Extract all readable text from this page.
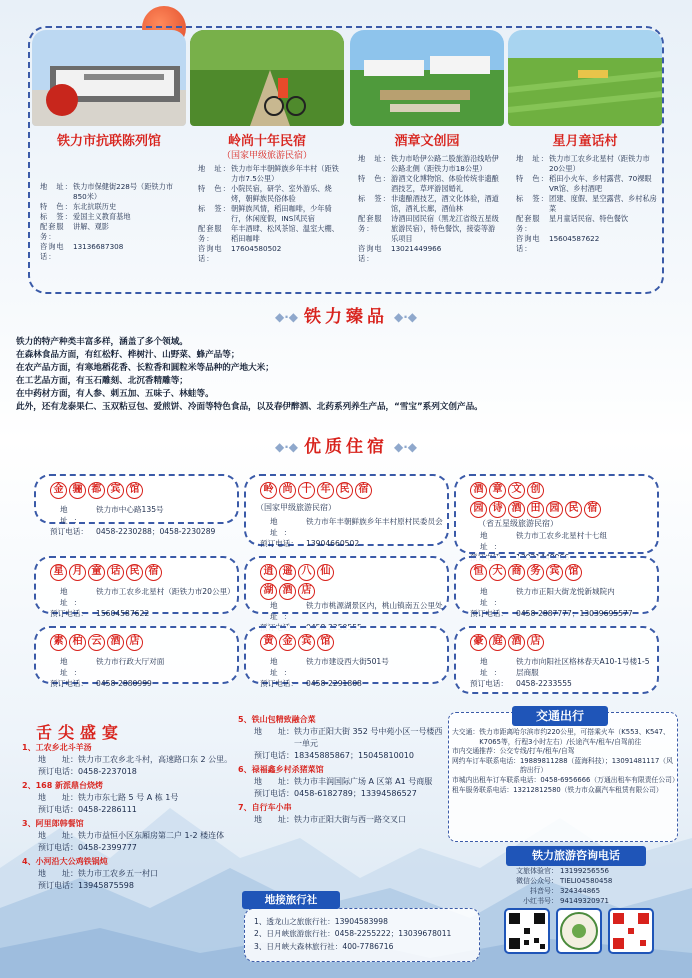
铁力市抗联陈列馆
地　址： 铁力市保健街228号（距铁力市850米）
特　色： 东北抗联历史
标　签： 爱国主义教育基地
配套服务：
讲解、观影
咨询电话：
13136687308
岭尚十年民宿
（国家甲级旅游民宿）
地　址： 铁力市年丰朝鲜族乡年丰村（距铁力市7.5公里）
特　色： 小院民宿，研学、室外游乐、烧烤，朝鲜族民俗体验
标　签： 朝鲜族风情，稻田咖啡，少年骑行，休闲度假，INS风民宿
配套服务：
年丰酒肆、松风茶馆、温室大棚、稻田咖啡
咨询电话：
17604580502
酒章文创园
地　址： 铁力市哈伊公路二股旅游沿线哈伊公路北侧（距铁力市18公里）
特　色： 游酒文化博物馆、体验传统非遗酿酒技艺，草坪游园婚礼
标　签： 非遗酿酒技艺，酒文化体验，酒道馆，酒礼长廊，酒仙林
配套服务：
诗酒田园民宿（黑龙江省级五星级旅游民宿），特色餐饮，接姿等游乐项目
咨询电话：
13021449966
星月童话村
地　址： 铁力市工农乡北星村（距铁力市20公里）
特　色： 稻田小火车、乡村露营、70裸眼VR馆、乡村酒吧
标　签： 团建、度假、星空露营、乡村私房菜
配套服务：
星月童话民宿、特色餐饮
咨询电话：
15604587622
◆·◆ 铁力臻品 ◆·◆
铁力的特产种类丰富多样，涵盖了多个领域。
在森林食品方面，有红松籽、桦树汁、山野菜、蜂产品等；
在农产品方面，有寒地稻花香、长粒香和圆粒米等品种的产地大米；
在工艺品方面，有玉石雕刻、北沉香精雕等；
在中药材方面，有人参、刺五加、五味子、林蛙等。
此外，还有龙泰果仁、玉双粘豆包、爱煎饼、冷面等特色食品，以及春伊醉酒、北药系列养生产品，“雪宝”系列文创产品。
◆·◆ 优质住宿 ◆·◆
金 骊 都 宾 馆
地　址：
铁力市中心路135号
预订电话：	0458-2230288；0458-2230289
岭 尚 十 年 民 宿
（国家甲级旅游民宿）
地　址：
铁力市年丰朝鲜族乡年丰村原村民委员会
预订电话：	13904660502
酒 章 文 创
园 诗 酒 田 园 民 宿
（省五星级旅游民宿）
地　址：
铁力市工农乡北星村十七组
星 月 童 话 民 宿
地　址：
铁力市工农乡北星村（距铁力市20公里）
预订电话：	15604587622
逍 遥 八 仙
湖 酒 店
地　址：
铁力市桃源湖景区内，桃山镇南五公里处
恒 大 商 务 宾 馆
地　址：
铁力市正阳大街龙悦新城院内
预订电话：	0458-2887777；13039695577
素 柏 云 酒 店
地　址：
铁力市行政大厅对面
预订电话：	0458-2880999
黄 金 宾 馆
地　址：
铁力市建设西大街501号
预订电话：	0458-2291808
豪 庭 酒 店
地　址：
铁力市向阳社区格林春天A10-1号楼1-5层商服
预订电话：	0458-2233555
舌尖盛宴
1、工农乡北斗羊汤
地　　址： 铁力市工农乡北斗村，高速路口东 2 公里。
预订电话： 0458-2237018
2、168 新派鼎台烧烤
地　　址： 铁力市东七路 5 号 A 栋 1号
预订电话： 0458-2286111
3、阿里郎韩餐馆
地　　址： 铁力市益恒小区东厢房第二户 1-2 楼连体
预订电话： 0458-2399777
4、小河沿大公鸡铁锅炖
地　　址： 铁力市工农乡五一村口
预订电话： 13945875598
5、铁山包精致融合菜
地　　址： 铁力市正阳大街 352 号中苑小区一号楼西一单元
预订电话： 18345885867；15045810010
6、禄福鑫乡村杀猪菜馆
地　　址： 铁力市丰润国际广场 A 区第 A1 号商服
预订电话： 0458-6182789；13394586527
7、自行车小串
地　　址： 铁力市正阳大街与西一路交叉口
地接旅行社
1、透龙山之旅旅行社：13904583998
2、日月峡旅游旅行社：0458-2255222；13039678011
3、日月峡大森林旅行社：400-7786716
交通出行
大交通： 铁力市距离哈尔滨市约220公里，可搭乘火车（K553、K547、K7065等，行程3小时左右）/长途汽车/租车/自驾前往
市内交通推荐： 公交专线/打车/租车/自驾
网约车订车联系电话： 19889811288（蓝海科技）；13091481117（风韵出行）
市城内出租车订车联系电话： 0458-6956666（万通出租车有限责任公司）
租车服务联系电话： 13212812580（铁力市众赢汽车租赁有限公司）
铁力旅游咨询电话
文旅体验官： 13199256556
微信公众号： TIELI04580458
抖音号： 324344865
小红书号： 94149320971
